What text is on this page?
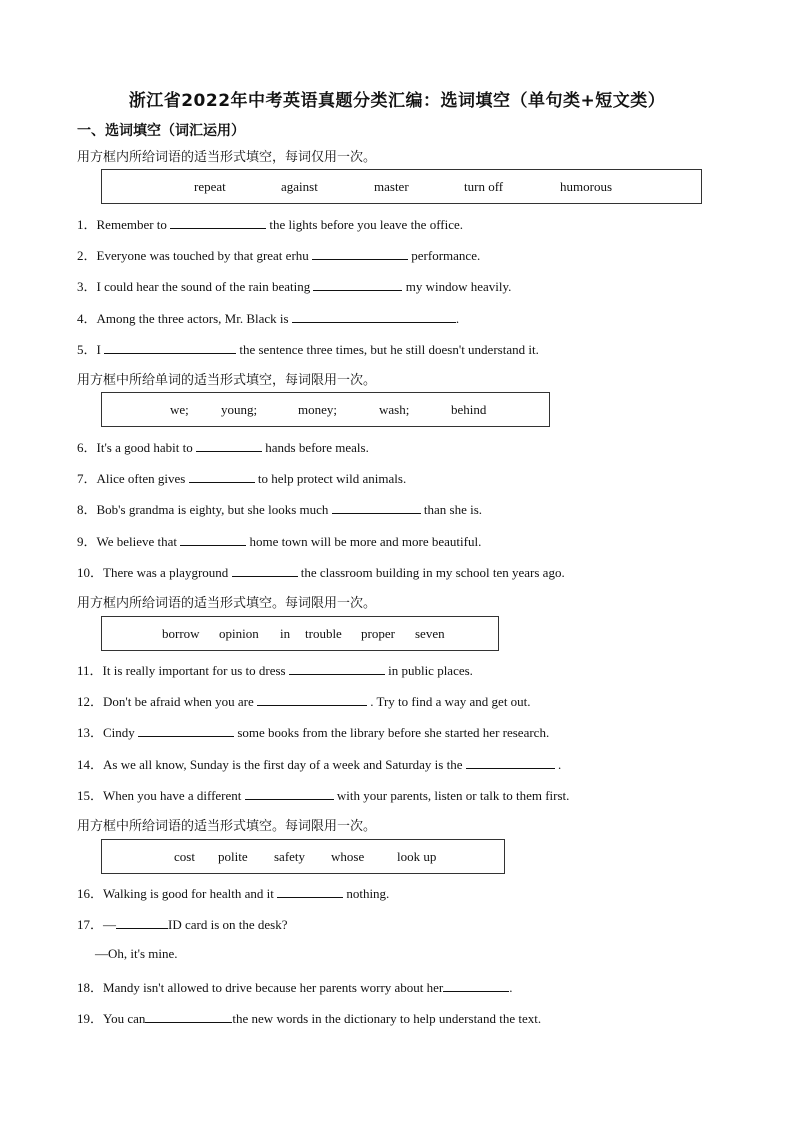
浙江省2022年中考英语真题分类汇编：选词填空（单句类+短文类）
一、选词填空（词汇运用）
用方框内所给词语的适当形式填空，每词仅用一次。
repeat	against	master	turn off	humorous
1．Remember to	the lights before you leave the office.
2．Everyone was touched by that great erhu	performance.
3．I could hear the sound of the rain beating	my window heavily.
4．Among the three actors, Mr. Black is	.
5．I	the sentence three times, but he still doesn't understand it.
用方框中所给单词的适当形式填空，每词限用一次。
we; young;	money;	wash;	behind
6．It's a good habit to	hands before meals.
7．Alice often gives	to help protect wild animals.
8．Bob's grandma is eighty, but she looks much	than she is.
9．We believe that	home town will be more and more beautiful.
10．There was a playground	the classroom building in my school ten years ago.
用方框内所给词语的适当形式填空。每词限用一次。
borrow opinion in trouble proper seven
11．It is really important for us to dress	in public places.
12．Don't be afraid when you are	. Try to find a way and get out.
13．Cindy	some books from the library before she started her research.
14．As we all know, Sunday is the first day of a week and Saturday is the	.
15．When you have a different	with your parents, listen or talk to them first.
用方框中所给词语的适当形式填空。每词限用一次。
cost polite safety whose	look up
16．Walking is good for health and it	nothing.
17．—	ID card is on the desk?
—Oh, it's mine.
18．Mandy isn't allowed to drive because her parents worry about her	.
19．You can	the new words in the dictionary to help understand the text.
